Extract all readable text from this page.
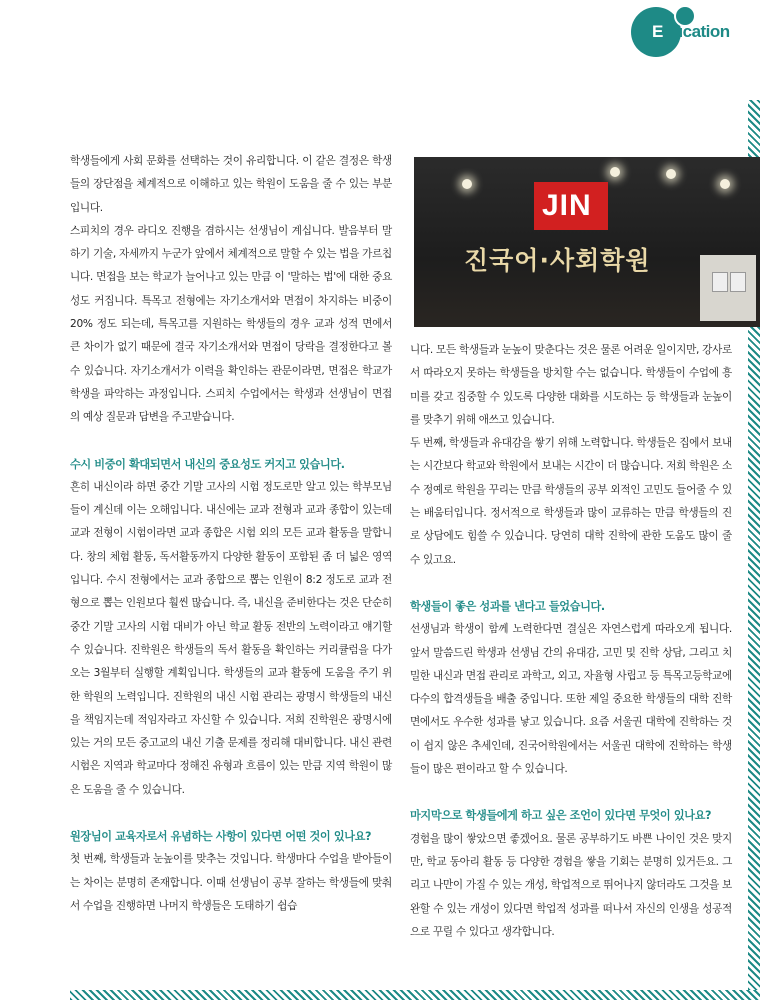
Education
JIN
진국어·사회학원

학생들에게 사회 문화를 선택하는 것이 유리합니다. 이 같은 결정은 학생들의 장단점을 체계적으로 이해하고 있는 학원이 도움을 줄 수 있는 부분입니다.

스피치의 경우 라디오 진행을 겸하시는 선생님이 계십니다. 발음부터 말하기 기술, 자세까지 누군가 앞에서 체계적으로 말할 수 있는 법을 가르칩니다. 면접을 보는 학교가 늘어나고 있는 만큼 이 '말하는 법'에 대한 중요성도 커집니다. 특목고 전형에는 자기소개서와 면접이 차지하는 비중이 20% 정도 되는데, 특목고를 지원하는 학생들의 경우 교과 성적 면에서 큰 차이가 없기 때문에 결국 자기소개서와 면접이 당락을 결정한다고 볼 수 있습니다. 자기소개서가 이력을 확인하는 관문이라면, 면접은 학교가 학생을 파악하는 과정입니다. 스피치 수업에서는 학생과 선생님이 면접의 예상 질문과 답변을 주고받습니다.

수시 비중이 확대되면서 내신의 중요성도 커지고 있습니다.

흔히 내신이라 하면 중간 기말 고사의 시험 정도로만 알고 있는 학부모님들이 계신데 이는 오해입니다. 내신에는 교과 전형과 교과 종합이 있는데 교과 전형이 시험이라면 교과 종합은 시험 외의 모든 교과 활동을 말합니다. 창의 체험 활동, 독서활동까지 다양한 활동이 포함된 좀 더 넓은 영역입니다. 수시 전형에서는 교과 종합으로 뽑는 인원이 8:2 정도로 교과 전형으로 뽑는 인원보다 훨씬 많습니다. 즉, 내신을 준비한다는 것은 단순히 중간 기말 고사의 시험 대비가 아닌 학교 활동 전반의 노력이라고 얘기할 수 있습니다. 진학원은 학생들의 독서 활동을 확인하는 커리큘럼을 다가오는 3월부터 실행할 계획입니다. 학생들의 교과 활동에 도움을 주기 위한 학원의 노력입니다. 진학원의 내신 시험 관리는 광명시 학생들의 내신을 책임지는데 적임자라고 자신할 수 있습니다. 저희 진학원은 광명시에 있는 거의 모든 중고교의 내신 기출 문제를 정리해 대비합니다. 내신 관련 시험은 지역과 학교마다 정해진 유형과 흐름이 있는 만큼 지역 학원이 많은 도움을 줄 수 있습니다.

원장님이 교육자로서 유념하는 사항이 있다면 어떤 것이 있나요?

첫 번째, 학생들과 눈높이를 맞추는 것입니다. 학생마다 수업을 받아들이는 차이는 분명히 존재합니다. 이때 선생님이 공부 잘하는 학생들에 맞춰서 수업을 진행하면 나머지 학생들은 도태하기 쉽습

니다. 모든 학생들과 눈높이 맞춘다는 것은 물론 어려운 일이지만, 강사로서 따라오지 못하는 학생들을 방치할 수는 없습니다. 학생들이 수업에 흥미를 갖고 집중할 수 있도록 다양한 대화를 시도하는 등 학생들과 눈높이를 맞추기 위해 애쓰고 있습니다.

두 번째, 학생들과 유대감을 쌓기 위해 노력합니다. 학생들은 집에서 보내는 시간보다 학교와 학원에서 보내는 시간이 더 많습니다. 저희 학원은 소수 정예로 학원을 꾸리는 만큼 학생들의 공부 외적인 고민도 들어줄 수 있는 배움터입니다. 정서적으로 학생들과 많이 교류하는 만큼 학생들의 진로 상담에도 힘쓸 수 있습니다. 당연히 대학 진학에 관한 도움도 많이 줄 수 있고요.

학생들이 좋은 성과를 낸다고 들었습니다.

선생님과 학생이 함께 노력한다면 결실은 자연스럽게 따라오게 됩니다. 앞서 말씀드린 학생과 선생님 간의 유대감, 고민 및 진학 상담, 그리고 치밀한 내신과 면접 관리로 과학고, 외고, 자율형 사립고 등 특목고등학교에 다수의 합격생들을 배출 중입니다. 또한 제일 중요한 학생들의 대학 진학 면에서도 우수한 성과를 낳고 있습니다. 요즘 서울권 대학에 진학하는 것이 쉽지 않은 추세인데, 진국어학원에서는 서울권 대학에 진학하는 학생들이 많은 편이라고 할 수 있습니다.

마지막으로 학생들에게 하고 싶은 조언이 있다면 무엇이 있나요?

경험을 많이 쌓았으면 좋겠어요. 물론 공부하기도 바쁜 나이인 것은 맞지만, 학교 동아리 활동 등 다양한 경험을 쌓을 기회는 분명히 있거든요. 그리고 나만이 가질 수 있는 개성, 학업적으로 뛰어나지 않더라도 그것을 보완할 수 있는 개성이 있다면 학업적 성과를 떠나서 자신의 인생을 성공적으로 꾸릴 수 있다고 생각합니다.
